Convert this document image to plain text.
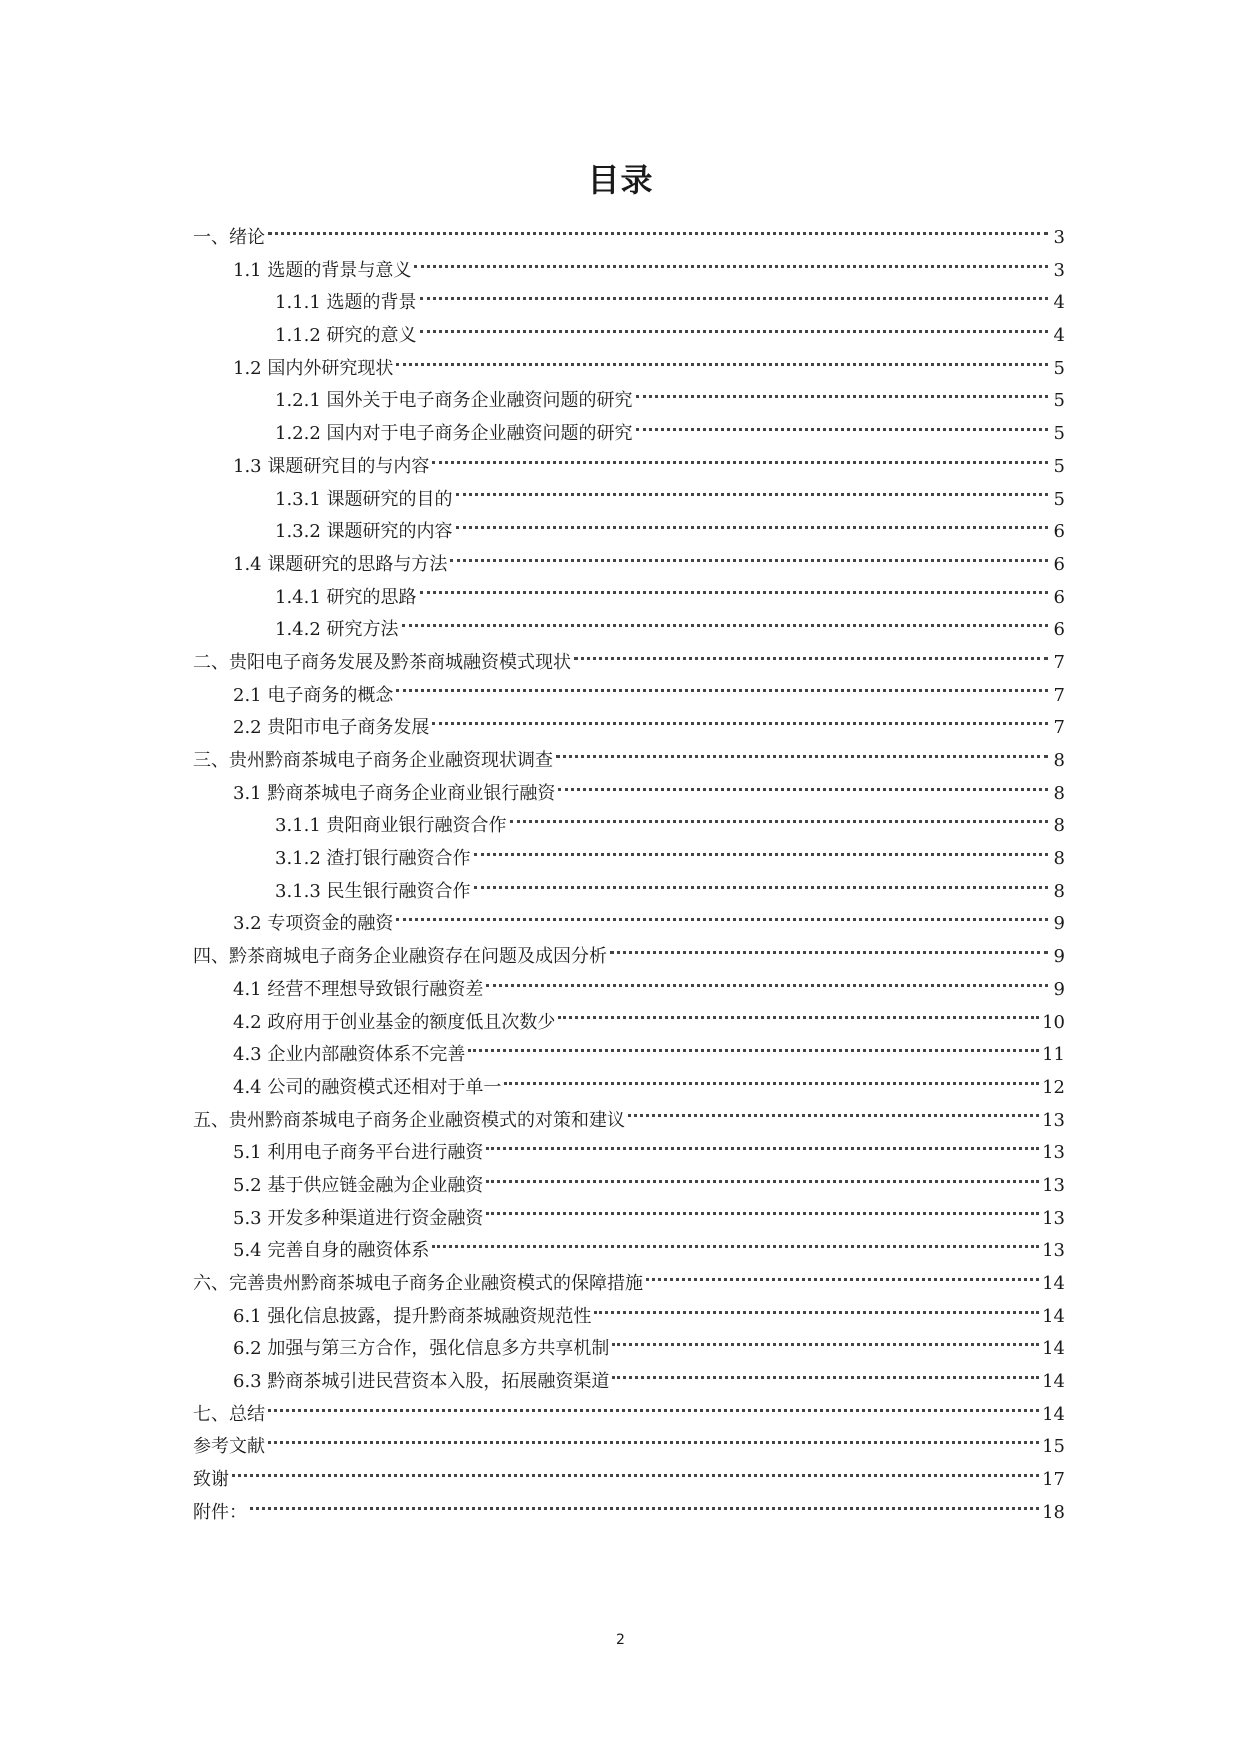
目录
一、绪论	3
1.1 选题的背景与意义	3
1.1.1 选题的背景	4
1.1.2 研究的意义	4
1.2 国内外研究现状	5
1.2.1 国外关于电子商务企业融资问题的研究	5
1.2.2 国内对于电子商务企业融资问题的研究	5
1.3 课题研究目的与内容	5
1.3.1 课题研究的目的	5
1.3.2 课题研究的内容	6
1.4 课题研究的思路与方法	6
1.4.1 研究的思路	6
1.4.2 研究方法	6
二、贵阳电子商务发展及黔茶商城融资模式现状	7
2.1 电子商务的概念	7
2.2 贵阳市电子商务发展	7
三、贵州黔商茶城电子商务企业融资现状调查	8
3.1 黔商茶城电子商务企业商业银行融资	8
3.1.1 贵阳商业银行融资合作	8
3.1.2 渣打银行融资合作	8
3.1.3 民生银行融资合作	8
3.2 专项资金的融资	9
四、黔茶商城电子商务企业融资存在问题及成因分析	9
4.1 经营不理想导致银行融资差	9
4.2 政府用于创业基金的额度低且次数少	10
4.3 企业内部融资体系不完善	11
4.4 公司的融资模式还相对于单一	12
五、贵州黔商茶城电子商务企业融资模式的对策和建议	13
5.1 利用电子商务平台进行融资	13
5.2 基于供应链金融为企业融资	13
5.3 开发多种渠道进行资金融资	13
5.4 完善自身的融资体系	13
六、完善贵州黔商茶城电子商务企业融资模式的保障措施	14
6.1 强化信息披露，提升黔商茶城融资规范性	14
6.2 加强与第三方合作，强化信息多方共享机制	14
6.3 黔商茶城引进民营资本入股，拓展融资渠道	14
七、总结	14
参考文献	15
致谢	17
附件：	18
2
